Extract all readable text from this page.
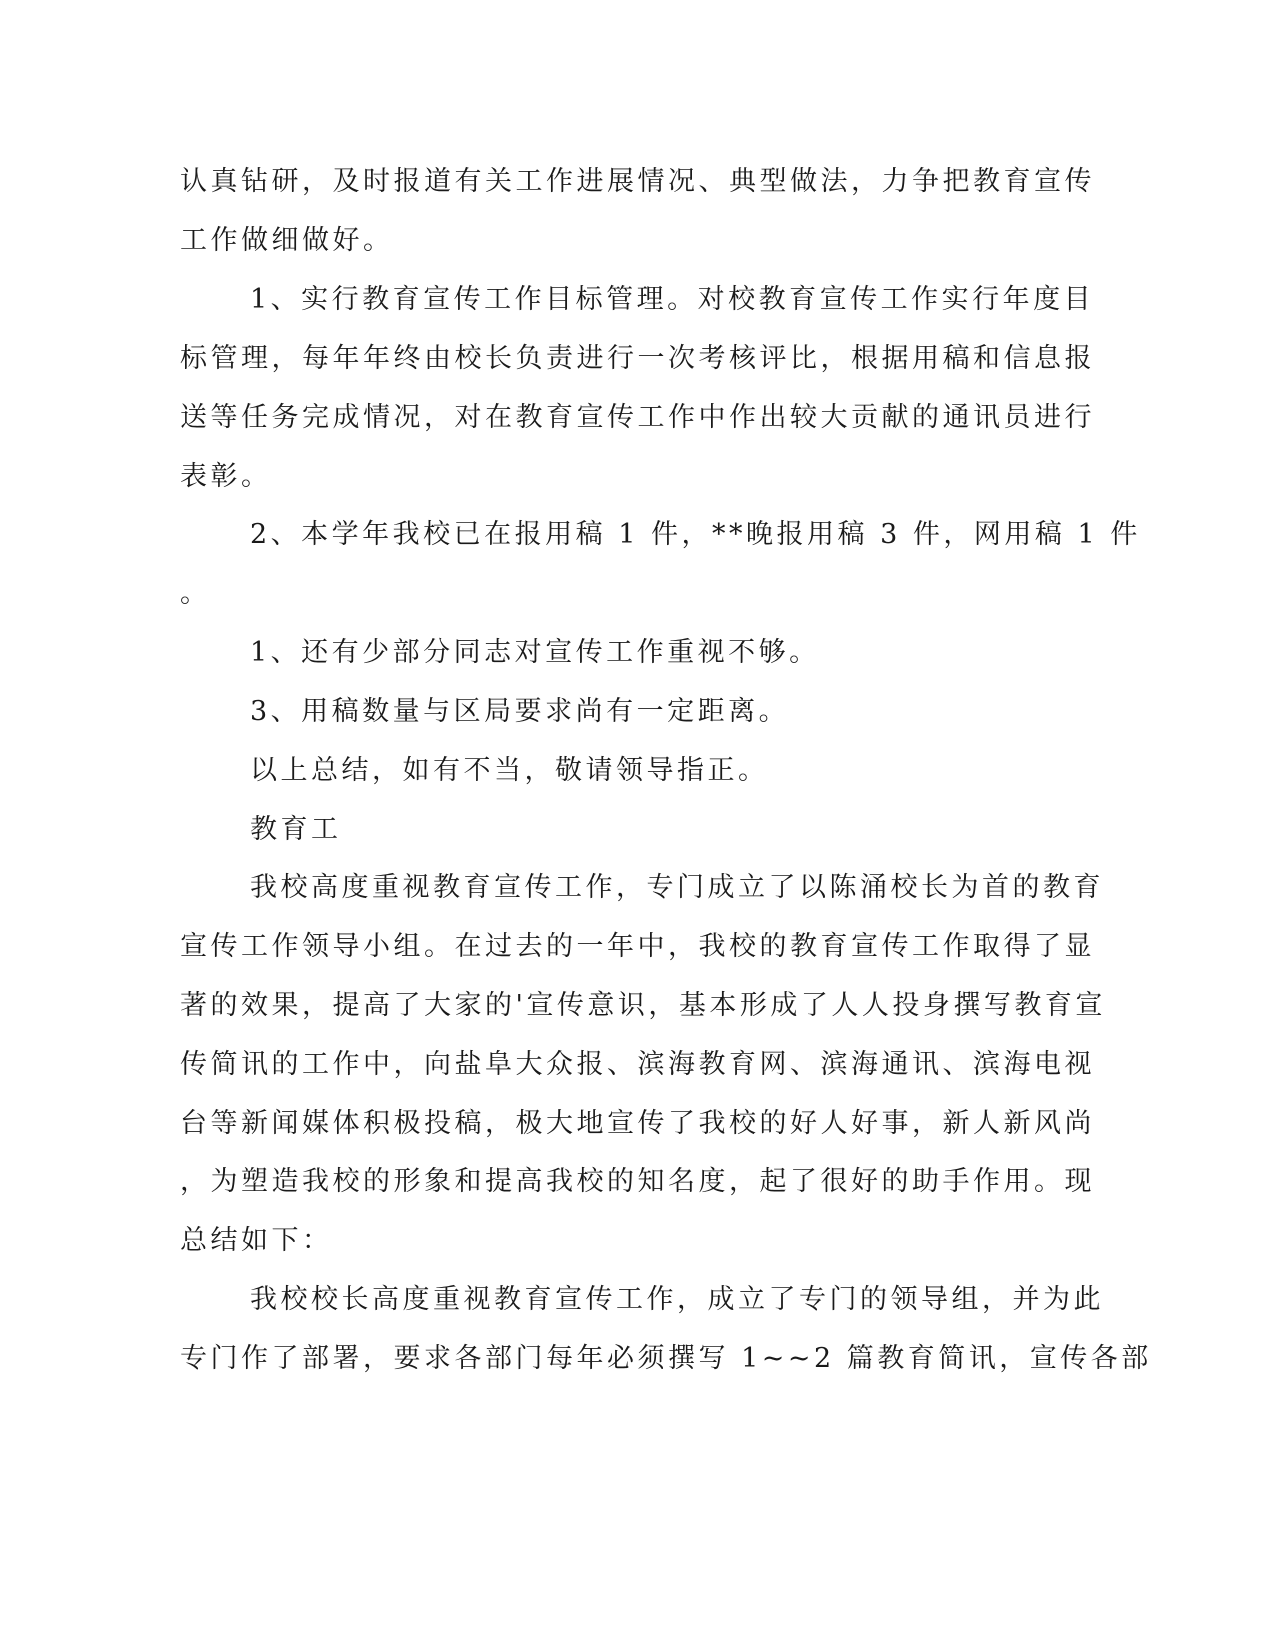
认真钻研，及时报道有关工作进展情况、典型做法，力争把教育宣传
工作做细做好。
1、实行教育宣传工作目标管理。对校教育宣传工作实行年度目
标管理，每年年终由校长负责进行一次考核评比，根据用稿和信息报
送等任务完成情况，对在教育宣传工作中作出较大贡献的通讯员进行
表彰。
2、本学年我校已在报用稿 1 件，**晚报用稿 3 件，网用稿 1 件
。
1、还有少部分同志对宣传工作重视不够。
3、用稿数量与区局要求尚有一定距离。
以上总结，如有不当，敬请领导指正。
教育工
我校高度重视教育宣传工作，专门成立了以陈涌校长为首的教育
宣传工作领导小组。在过去的一年中，我校的教育宣传工作取得了显
著的效果，提高了大家的'宣传意识，基本形成了人人投身撰写教育宣
传简讯的工作中，向盐阜大众报、滨海教育网、滨海通讯、滨海电视
台等新闻媒体积极投稿，极大地宣传了我校的好人好事，新人新风尚
，为塑造我校的形象和提高我校的知名度，起了很好的助手作用。现
总结如下：
我校校长高度重视教育宣传工作，成立了专门的领导组，并为此
专门作了部署，要求各部门每年必须撰写 1~~2 篇教育简讯，宣传各部
